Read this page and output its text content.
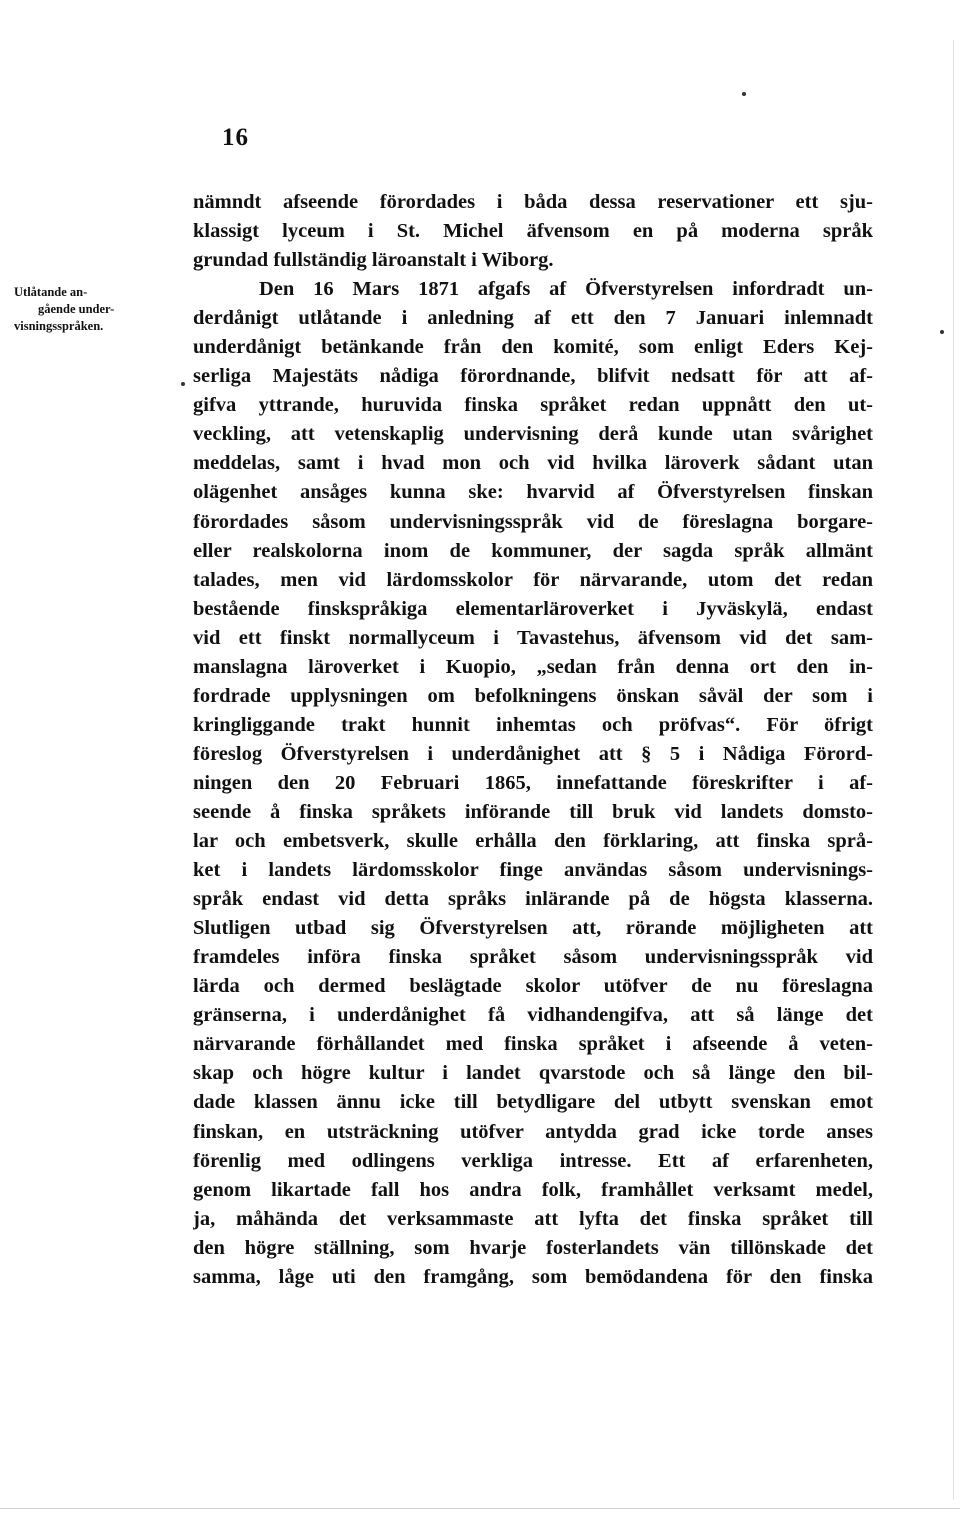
16
Utlåtande an-
gående under-
visningsspråken.
nämndt afseende förordades i båda dessa reservationer ett sju-
klassigt lyceum i St. Michel äfvensom en på moderna språk
grundad fullständig läroanstalt i Wiborg.
Den 16 Mars 1871 afgafs af Öfverstyrelsen infordradt un-
derdånigt utlåtande i anledning af ett den 7 Januari inlemnadt
underdånigt betänkande från den komité, som enligt Eders Kej-
serliga Majestäts nådiga förordnande, blifvit nedsatt för att af-
gifva yttrande, huruvida finska språket redan uppnått den ut-
veckling, att vetenskaplig undervisning derå kunde utan svårighet
meddelas, samt i hvad mon och vid hvilka läroverk sådant utan
olägenhet ansåges kunna ske: hvarvid af Öfverstyrelsen finskan
förordades såsom undervisningsspråk vid de föreslagna borgare-
eller realskolorna inom de kommuner, der sagda språk allmänt
talades, men vid lärdomsskolor för närvarande, utom det redan
bestående finskspråkiga elementarläroverket i Jyväskylä, endast
vid ett finskt normallyceum i Tavastehus, äfvensom vid det sam-
manslagna läroverket i Kuopio, „sedan från denna ort den in-
fordrade upplysningen om befolkningens önskan såväl der som i
kringliggande trakt hunnit inhemtas och pröfvas“. För öfrigt
föreslog Öfverstyrelsen i underdånighet att § 5 i Nådiga Förord-
ningen den 20 Februari 1865, innefattande föreskrifter i af-
seende å finska språkets införande till bruk vid landets domsto-
lar och embetsverk, skulle erhålla den förklaring, att finska språ-
ket i landets lärdomsskolor finge användas såsom undervisnings-
språk endast vid detta språks inlärande på de högsta klasserna.
Slutligen utbad sig Öfverstyrelsen att, rörande möjligheten att
framdeles införa finska språket såsom undervisningsspråk vid
lärda och dermed beslägtade skolor utöfver de nu föreslagna
gränserna, i underdånighet få vidhandengifva, att så länge det
närvarande förhållandet med finska språket i afseende å veten-
skap och högre kultur i landet qvarstode och så länge den bil-
dade klassen ännu icke till betydligare del utbytt svenskan emot
finskan, en utsträckning utöfver antydda grad icke torde anses
förenlig med odlingens verkliga intresse. Ett af erfarenheten,
genom likartade fall hos andra folk, framhållet verksamt medel,
ja, måhända det verksammaste att lyfta det finska språket till
den högre ställning, som hvarje fosterlandets vän tillönskade det
samma, låge uti den framgång, som bemödandena för den finska
